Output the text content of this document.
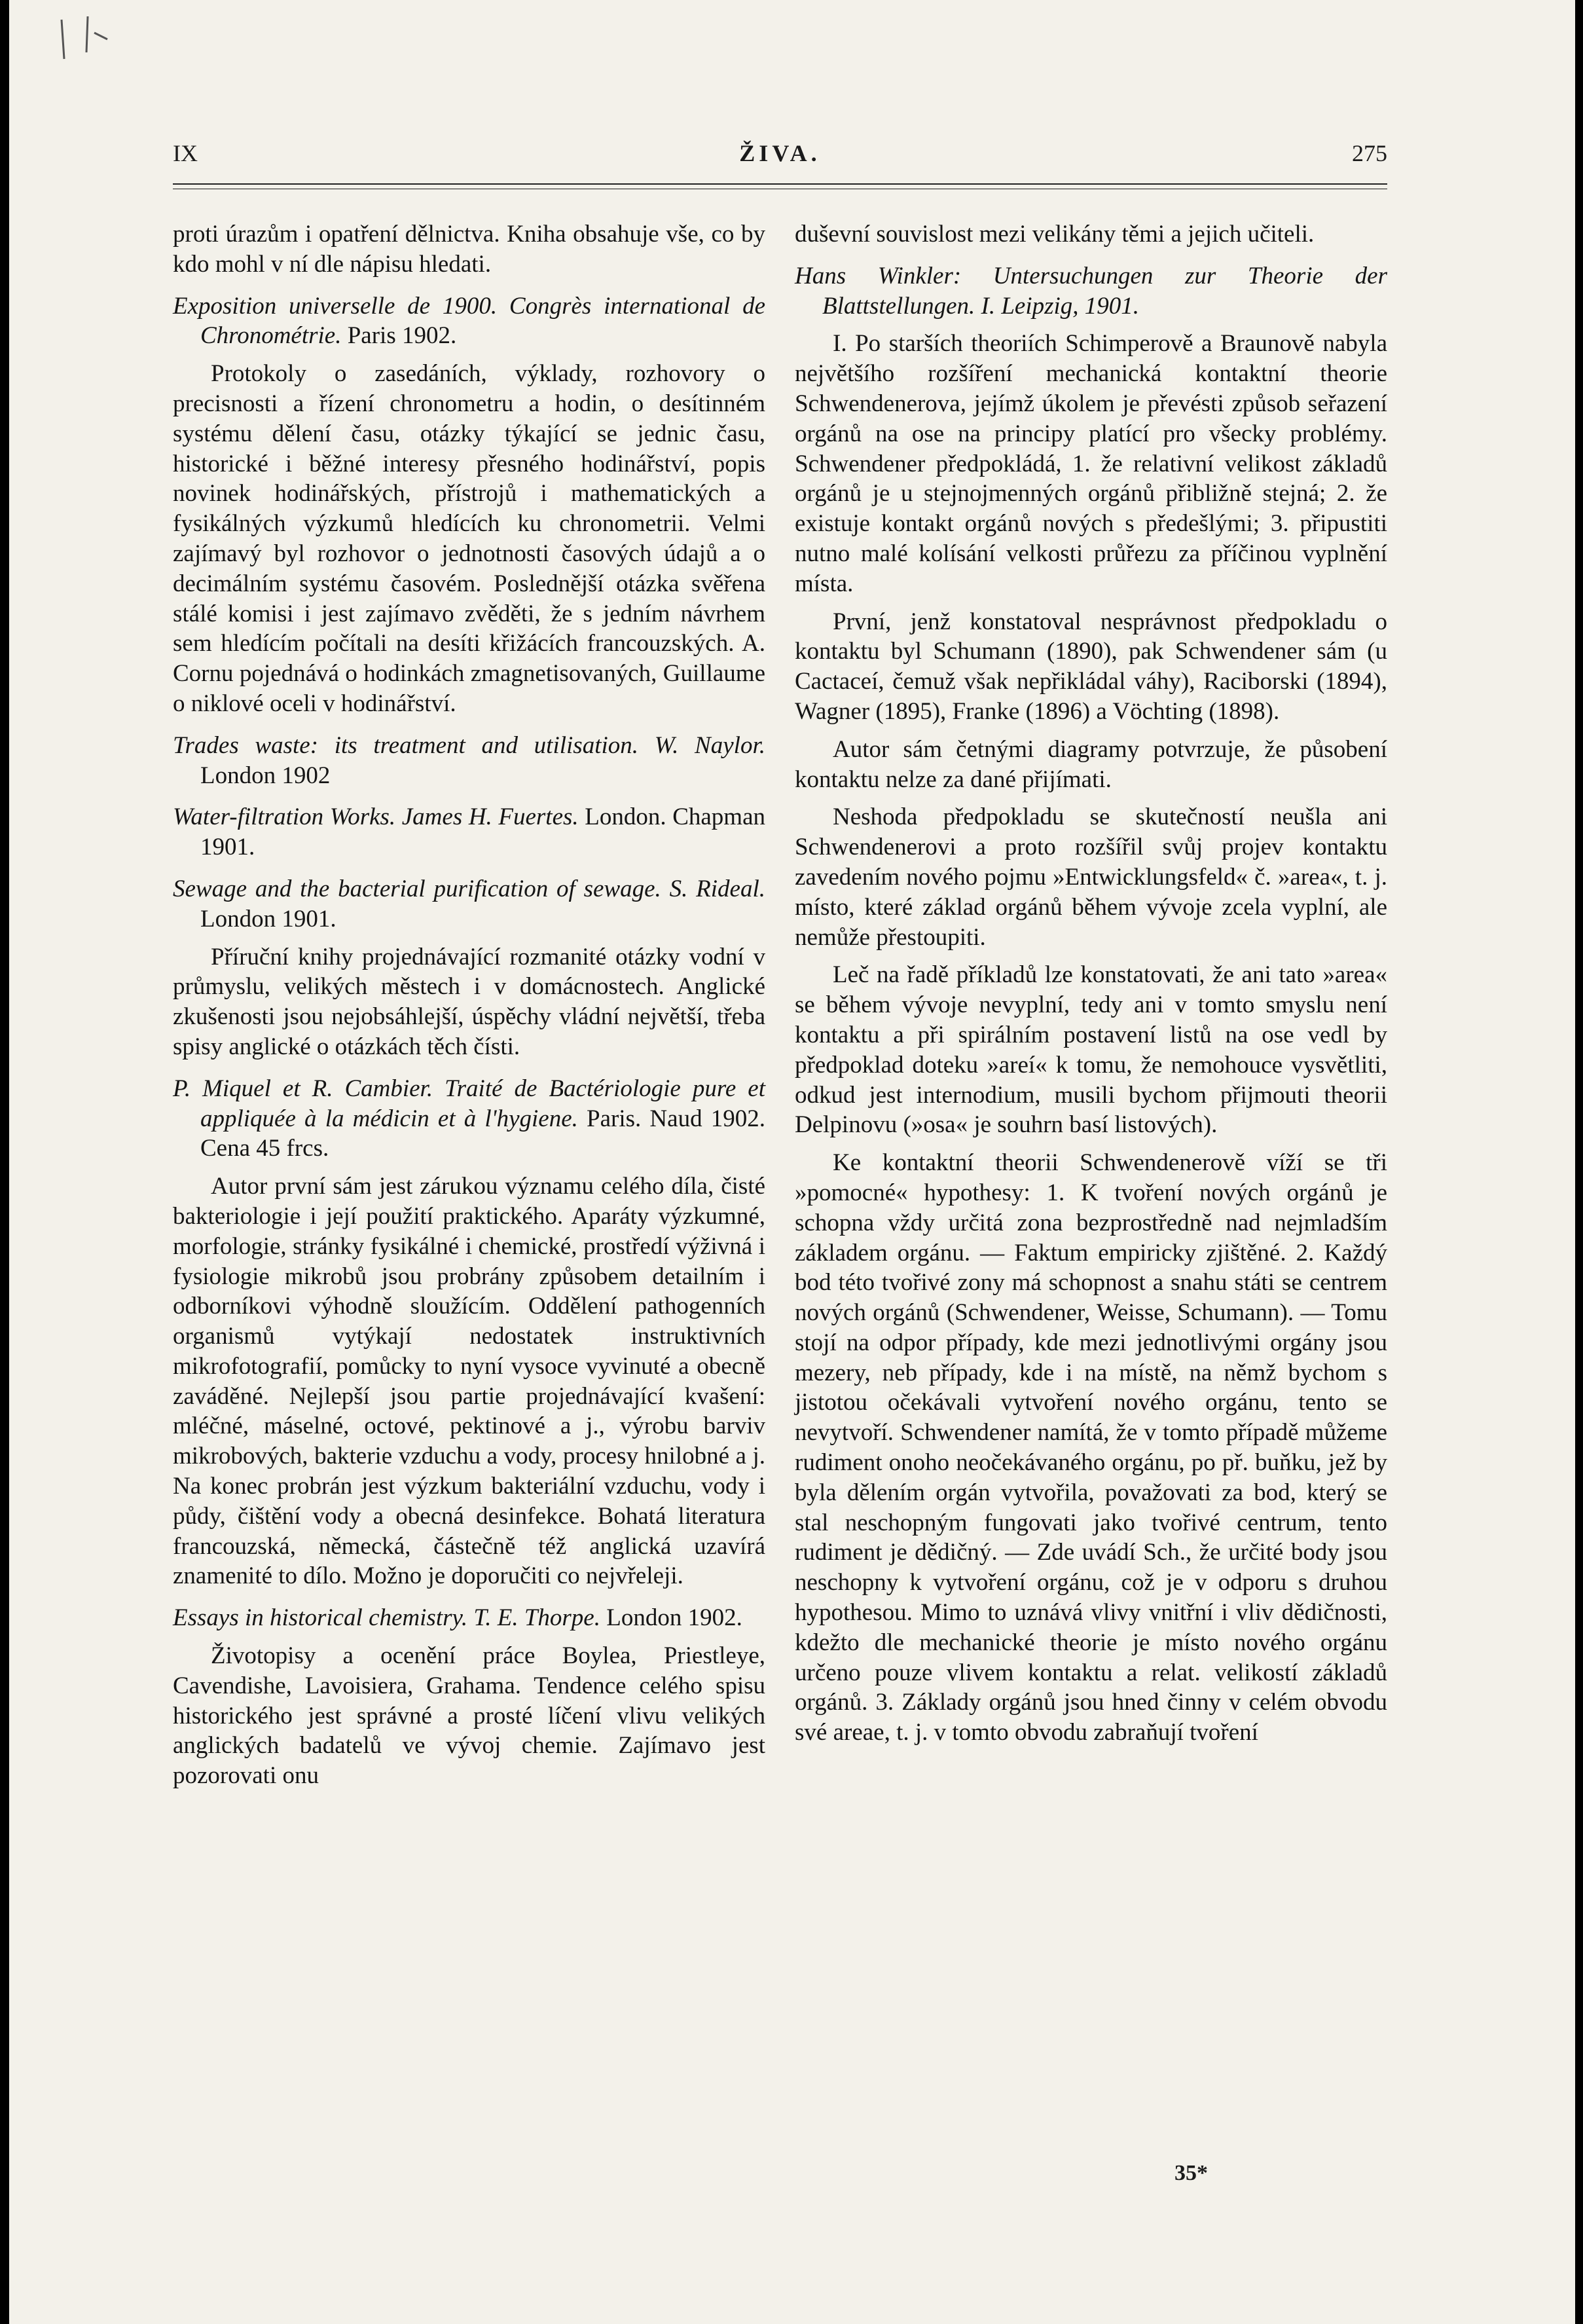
IX	ŽIVA.	275

proti úrazům i opatření dělnictva. Kniha obsahuje vše, co by kdo mohl v ní dle nápisu hledati.

Exposition universelle de 1900. Congrès international de Chronométrie. Paris 1902.

Protokoly o zasedáních, výklady, rozhovory o precisnosti a řízení chronometru a hodin, o desítinném systému dělení času, otázky týkající se jednic času, historické i běžné interesy přesného hodinářství, popis novinek hodinářských, přístrojů i mathematických a fysikálných výzkumů hledících ku chronometrii. Velmi zajímavý byl rozhovor o jednotnosti časových údajů a o decimálním systému časovém. Poslednější otázka svěřena stálé komisi i jest zajímavo zvěděti, že s jedním návrhem sem hledícím počítali na desíti křižácích francouzských. A. Cornu pojednává o hodinkách zmagnetisovaných, Guillaume o niklové oceli v hodinářství.

Trades waste: its treatment and utilisation. W. Naylor. London 1902

Water-filtration Works. James H. Fuertes. London. Chapman 1901.

Sewage and the bacterial purification of sewage. S. Rideal. London 1901.

Příruční knihy projednávající rozmanité otázky vodní v průmyslu, velikých městech i v domácnostech. Anglické zkušenosti jsou nejobsáhlejší, úspěchy vládní největší, třeba spisy anglické o otázkách těch čísti.

P. Miquel et R. Cambier. Traité de Bactériologie pure et appliquée à la médicin et à l'hygiene. Paris. Naud 1902. Cena 45 frcs.

Autor první sám jest zárukou významu celého díla, čisté bakteriologie i její použití praktického. Aparáty výzkumné, morfologie, stránky fysikálné i chemické, prostředí výživná i fysiologie mikrobů jsou probrány způsobem detailním i odborníkovi výhodně sloužícím. Oddělení pathogenních organismů vytýkají nedostatek instruktivních mikrofotografií, pomůcky to nyní vysoce vyvinuté a obecně zaváděné. Nejlepší jsou partie projednávající kvašení: mléčné, máselné, octové, pektinové a j., výrobu barviv mikrobových, bakterie vzduchu a vody, procesy hnilobné a j. Na konec probrán jest výzkum bakteriální vzduchu, vody i půdy, čištění vody a obecná desinfekce. Bohatá literatura francouzská, německá, částečně též anglická uzavírá znamenité to dílo. Možno je doporučiti co nejvřeleji.

Essays in historical chemistry. T. E. Thorpe. London 1902.

Životopisy a ocenění práce Boylea, Priestleye, Cavendishe, Lavoisiera, Grahama. Tendence celého spisu historického jest správné a prosté líčení vlivu velikých anglických badatelů ve vývoj chemie. Zajímavo jest pozorovati onu

duševní souvislost mezi velikány těmi a jejich učiteli.

Hans Winkler: Untersuchungen zur Theorie der Blattstellungen. I. Leipzig, 1901.

I. Po starších theoriích Schimperově a Braunově nabyla největšího rozšíření mechanická kontaktní theorie Schwendenerova, jejímž úkolem je převésti způsob seřazení orgánů na ose na principy platící pro všecky problémy. Schwendener předpokládá, 1. že relativní velikost základů orgánů je u stejnojmenných orgánů přibližně stejná; 2. že existuje kontakt orgánů nových s předešlými; 3. připustiti nutno malé kolísání velkosti průřezu za příčinou vyplnění místa.

První, jenž konstatoval nesprávnost předpokladu o kontaktu byl Schumann (1890), pak Schwendener sám (u Cactaceí, čemuž však nepřikládal váhy), Raciborski (1894), Wagner (1895), Franke (1896) a Vöchting (1898).

Autor sám četnými diagramy potvrzuje, že působení kontaktu nelze za dané přijímati.

Neshoda předpokladu se skutečností neušla ani Schwendenerovi a proto rozšířil svůj projev kontaktu zavedením nového pojmu »Entwicklungsfeld« č. »area«, t. j. místo, které základ orgánů během vývoje zcela vyplní, ale nemůže přestoupiti.

Leč na řadě příkladů lze konstatovati, že ani tato »area« se během vývoje nevyplní, tedy ani v tomto smyslu není kontaktu a při spirálním postavení listů na ose vedl by předpoklad doteku »areí« k tomu, že nemohouce vysvětliti, odkud jest internodium, musili bychom přijmouti theorii Delpinovu (»osa« je souhrn basí listových).

Ke kontaktní theorii Schwendenerově víží se tři »pomocné« hypothesy: 1. K tvoření nových orgánů je schopna vždy určitá zona bezprostředně nad nejmladším základem orgánu. — Faktum empiricky zjištěné. 2. Každý bod této tvořivé zony má schopnost a snahu státi se centrem nových orgánů (Schwendener, Weisse, Schumann). — Tomu stojí na odpor případy, kde mezi jednotlivými orgány jsou mezery, neb případy, kde i na místě, na němž bychom s jistotou očekávali vytvoření nového orgánu, tento se nevytvoří. Schwendener namítá, že v tomto případě můžeme rudiment onoho neočekávaného orgánu, po př. buňku, jež by byla dělením orgán vytvořila, považovati za bod, který se stal neschopným fungovati jako tvořivé centrum, tento rudiment je dědičný. — Zde uvádí Sch., že určité body jsou neschopny k vytvoření orgánu, což je v odporu s druhou hypothesou. Mimo to uznává vlivy vnitřní i vliv dědičnosti, kdežto dle mechanické theorie je místo nového orgánu určeno pouze vlivem kontaktu a relat. velikostí základů orgánů. 3. Základy orgánů jsou hned činny v celém obvodu své areae, t. j. v tomto obvodu zabraňují tvoření

35*
